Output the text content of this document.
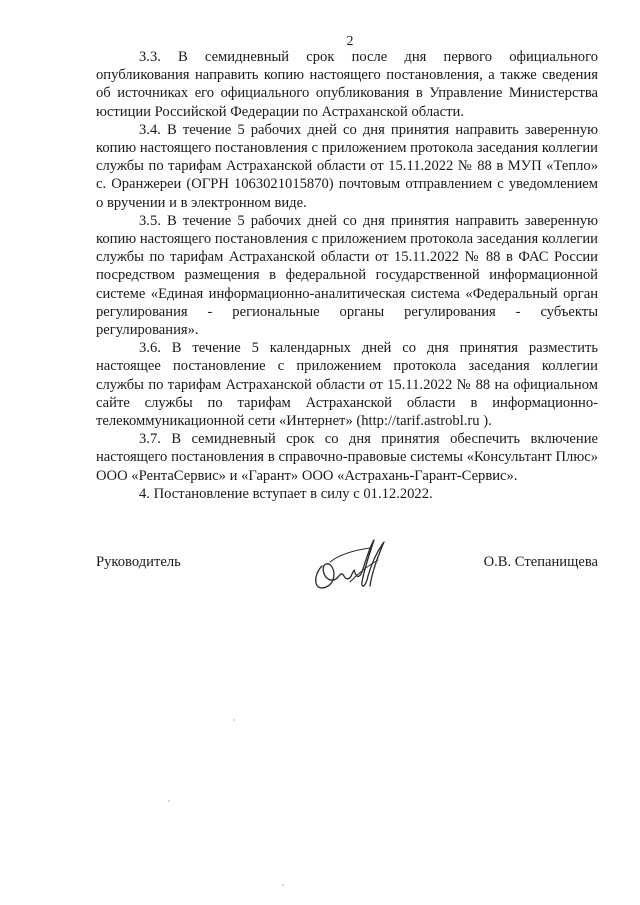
2

3.3. В семидневный срок после дня первого официального опубликования направить копию настоящего постановления, а также сведения об источниках его официального опубликования в Управление Министерства юстиции Российской Федерации по Астраханской области.

3.4. В течение 5 рабочих дней со дня принятия направить заверенную копию настоящего постановления с приложением протокола заседания коллегии службы по тарифам Астраханской области от 15.11.2022 № 88 в МУП «Тепло» с. Оранжереи (ОГРН 1063021015870) почтовым отправлением с уведомлением о вручении и в электронном виде.

3.5. В течение 5 рабочих дней со дня принятия направить заверенную копию настоящего постановления с приложением протокола заседания коллегии службы по тарифам Астраханской области от 15.11.2022 № 88 в ФАС России посредством размещения в федеральной государственной информационной системе «Единая информационно-аналитическая система «Федеральный орган регулирования - региональные органы регулирования - субъекты регулирования».

3.6. В течение 5 календарных дней со дня принятия разместить настоящее постановление с приложением протокола заседания коллегии службы по тарифам Астраханской области от 15.11.2022 № 88 на официальном сайте службы по тарифам Астраханской области в информационно-телекоммуникационной сети «Интернет» (http://tarif.astrobl.ru ).

3.7. В семидневный срок со дня принятия обеспечить включение настоящего постановления в справочно-правовые системы «Консультант Плюс» ООО «РентаСервис» и «Гарант» ООО «Астрахань-Гарант-Сервис».

4. Постановление вступает в силу с 01.12.2022.

Руководитель	О.В. Степанищева
